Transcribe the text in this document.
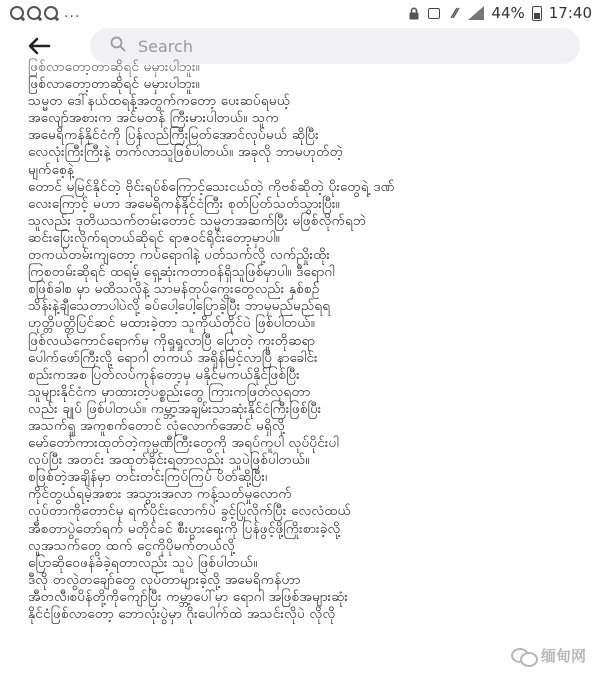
...	44% 17:40
Search
ဖြစ်လာတော့တာဆိုရင် မမှားပါဘူး။
ဖြစ်လာတော့တာဆိုရင် မမှားပါဘူး။
သမ္မတ ဒေါ်နယ်ထရန့်အတွက်ကတော့ ပေးဆပ်ရမယ့်
အလျော်အစားက အင်မတန် ကြီးမားပါတယ်။ သူက
အမေရိကန်နိုင်ငံကို ပြန်လည်ကြီးမြတ်အောင်လုပ်မယ် ဆိုပြီး
လေလုံးကြီးကြီးနဲ့ တက်လာသူဖြစ်ပါတယ်။ အခုလို ဘာမဟုတ်တဲ့
မျက်စေ့နဲ့
တောင် မမြင်နိုင်တဲ့ ဗိုင်းရပ်စ်ကြောင့်သေးငယ်တဲ့ ကိုဗစ်ဆိုတဲ့ ပိုးတွေရဲ့ ဒဏ်
လေးကြောင့် မဟာ အမေရိကန်နိုင်ငံကြီး စုတ်ပြတ်သတ်သွားပြီး။
သူလည်း ဒုတိယသက်တမ်းတောင် သမ္မတအဆက်ပြီး မဖြစ်လိုက်ရဘဲ
ဆင်းပြေးလိုက်ရတယ်ဆိုရင် ရာဇဝင်ရိုင်းတော့မှာပါ။
တကယ်တမ်းကျတော့ ကပ်ရောဂါနဲ့ ပတ်သက်လို့ လက်ညှိုးထိုး
ကြစတမ်းဆိုရင် ထရမ့် ရှေ့ဆုံးကတာဝန်ရှိသူဖြစ်မှာပါ။ ဒီရောဂါ
စဖြစ်ခါစ မှာ မထိသလိုနဲ့ သာမန်တုပ်ကွေးတွေလည်း နှစ်စဉ်
သိန်းနဲ့ချီသေတာပါပဲလို့ ခပ်ပေါ့ပေါ့ပြောခဲ့ပြီး ဘာမှမည်မည်ရရ
ဟုတ္တိပတ္တိပြင်ဆင် မထားခဲ့တာ သူကိုယ်တိုင်ပဲ ဖြစ်ပါတယ်။
ဖြစ်လယ်ကောင်ရောက်မှ ကိုရှုရှုလာပြီ ပြောတဲ့ ကူးတိုဆရာ
ပေါက်ဖော်ကြီးလို့ ရောဂါ တကယ် အရှိန်မြင့်လာပြီ နာခေါင်း
စည်းကအစ ပြတ်လပ်ကုန်တော့မှ မနိုင်မကယ်နိုင်ဖြစ်ပြီး
သူများနိုင်ငံက မှာထားတဲ့ပစ္စည်းတွေ ကြားကဖြတ်လုရတာ
လည်း ချုပ် ဖြစ်ပါတယ်။ ကမ္ဘာ့အချမ်းသာဆုံးနိုင်ငံကြီးဖြစ်ပြီး
အသက်ရှူ အကူစက်တောင် လုံလောက်အောင် မရှိလို့
မော်တော်ကားထုတ်တဲ့ကုမ္ပဏီကြီးတွေကို အရပ်ကူပါ လုပ်ပိုင်းပါ
လုပ်ပြီး အတင်း အထုတ်ခိုင်းရတာလည်း သူပဲဖြစ်ပါတယ်။
စဖြစ်တဲ့အချိန်မှာ တင်းတင်းကြပ်ကြပ် ပိတ်ဆို့ပြီး၊
ကိုင်တွယ်ရမဲ့အစား အသွားအလာ ကန့်သတ်မှုလောက်
လုပ်တာကိုတောင်မှ ရက်ပိုင်းလောက်ပဲ ခွင့်ပြုလိုက်ပြီး လေလံထယ်
အီစတာပွဲတော်ရက် မတိုင်ခင် စီးပွားရေးကို ပြန်ဖွင့်ဖို့ကြိုးစားခဲ့လို့
လူအသက်တွေ ထက် ငွေကိုပိုမက်တယ်လို့
ပြောဆိုဝေဖန်ခံခဲ့ရတာလည်း သူပဲ ဖြစ်ပါတယ်။
ဒီလို တလွဲတချော်တွေ လုပ်တာများခဲ့လို့ အမေရိကန်ဟာ
အီတလီ၊စပိန်တို့ကိုကျော်ပြီး ကမ္ဘာ့ပေါ်မှာ ရောဂါ အဖြစ်အများဆုံး
နိုင်ငံဖြစ်လာတော့ ဘောလုံးပွဲမှာ ဂိုးပေါက်ထဲ အသင်းလိုပဲ လိုလို
缅甸网
